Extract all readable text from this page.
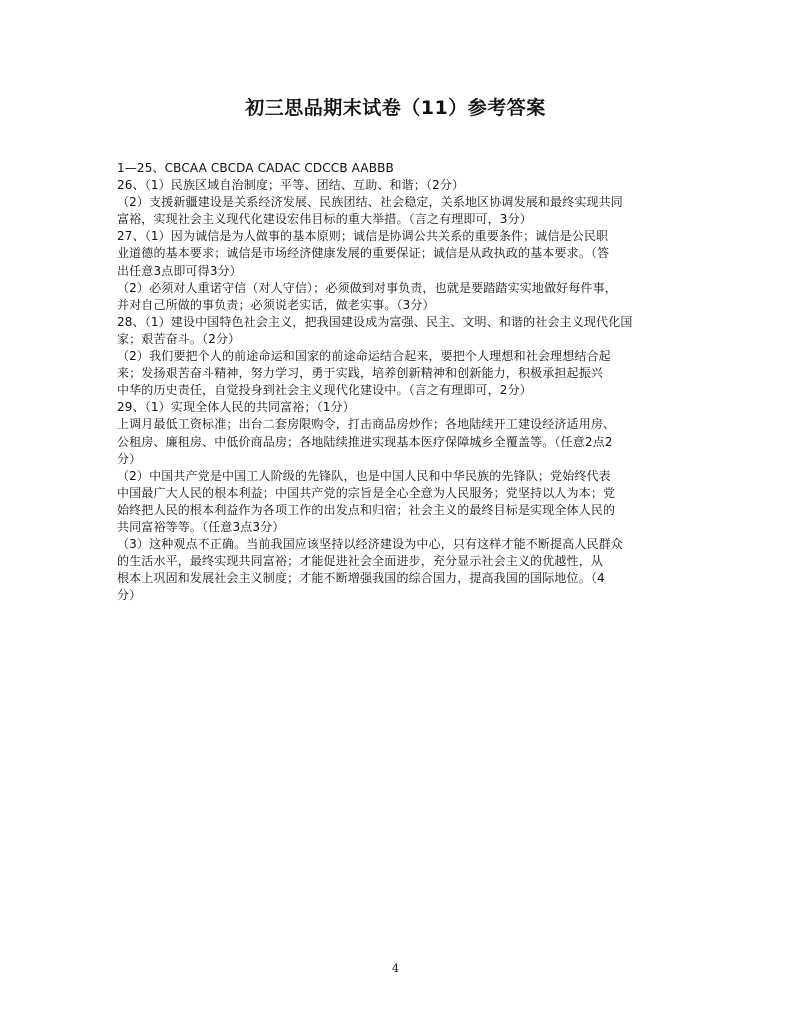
初三思品期末试卷（11）参考答案
1—25、CBCAA CBCDA CADAC CDCCB AABBB
26、（1）民族区域自治制度；平等、团结、互助、和谐；（2分）
（2）支援新疆建设是关系经济发展、民族团结、社会稳定，关系地区协调发展和最终实现共同
富裕，实现社会主义现代化建设宏伟目标的重大举措。（言之有理即可，3分）
27、（1）因为诚信是为人做事的基本原则；诚信是协调公共关系的重要条件；诚信是公民职
业道德的基本要求；诚信是市场经济健康发展的重要保证；诚信是从政执政的基本要求。（答
出任意3点即可得3分）
（2）必须对人重诺守信（对人守信）；必须做到对事负责，也就是要踏踏实实地做好每件事，
并对自己所做的事负责；必须说老实话，做老实事。（3分）
28、（1）建设中国特色社会主义，把我国建设成为富强、民主、文明、和谐的社会主义现代化国
家；艰苦奋斗。（2分）
（2）我们要把个人的前途命运和国家的前途命运结合起来，要把个人理想和社会理想结合起
来；发扬艰苦奋斗精神，努力学习，勇于实践，培养创新精神和创新能力，积极承担起振兴
中华的历史责任，自觉投身到社会主义现代化建设中。（言之有理即可，2分）
29、（1）实现全体人民的共同富裕；（1分）
上调月最低工资标准；出台二套房限购令，打击商品房炒作；各地陆续开工建设经济适用房、
公租房、廉租房、中低价商品房；各地陆续推进实现基本医疗保障城乡全覆盖等。（任意2点2
分）
（2）中国共产党是中国工人阶级的先锋队，也是中国人民和中华民族的先锋队；党始终代表
中国最广大人民的根本利益；中国共产党的宗旨是全心全意为人民服务；党坚持以人为本；党
始终把人民的根本利益作为各项工作的出发点和归宿；社会主义的最终目标是实现全体人民的
共同富裕等等。（任意3点3分）
（3）这种观点不正确。当前我国应该坚持以经济建设为中心，只有这样才能不断提高人民群众
的生活水平，最终实现共同富裕；才能促进社会全面进步，充分显示社会主义的优越性，从
根本上巩固和发展社会主义制度；才能不断增强我国的综合国力，提高我国的国际地位。（4
分）
4
